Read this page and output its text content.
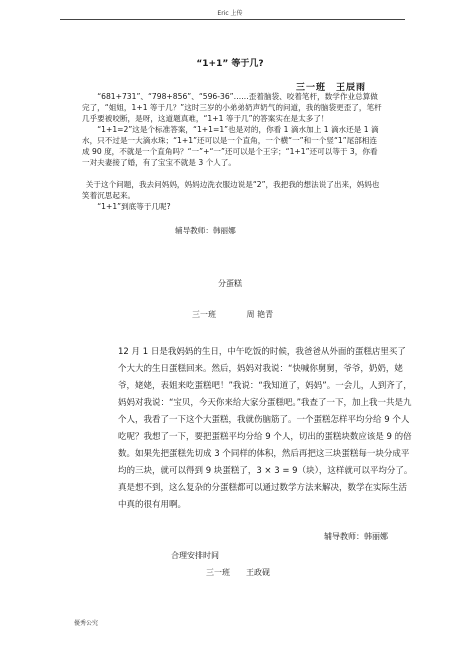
Eric 上传
“1+1” 等于几?
三一班　王辰雨

“681+731”、“798+856”、“596-36”……歪着脑袋、咬着笔杆，数学作业总算做完了，“姐姐，1+1 等于几？”这时三岁的小弟弟奶声奶气的问道，我的脑袋更歪了，笔杆几乎要被咬断，是呀，这道题真难，“1+1 等于几”的答案实在是太多了！

“1+1=2”这是个标准答案，“1+1=1”也是对的，你看 1 滴水加上 1 滴水还是 1 滴水，只不过是一大滴水珠；“1+1”还可以是一个直角，一个横“一”和一个竖“1”尾部相连成 90 度，不就是一个直角吗？“一”+“一”还可以是个王字；“1+1”还可以等于 3，你看一对夫妻接了婚，有了宝宝不就是 3 个人了。

关于这个问题，我去问妈妈，妈妈边洗衣服边说是“2”，我把我的想法说了出来，妈妈也笑着沉思起来。

“1+1”到底等于几呢?

辅导教师：韩丽娜
分蛋糕
三一班	周 艳青

12 月 1 日是我妈妈的生日，中午吃饭的时候，我爸爸从外面的蛋糕店里买了个大大的生日蛋糕回来。然后，妈妈对我说：“快喊你舅舅，爷爷，奶奶，姥爷，姥姥，表姐来吃蛋糕吧！”我说：“我知道了，妈妈”。一会儿，人到齐了，妈妈对我说：“宝贝，今天你来给大家分蛋糕吧。”我查了一下，加上我一共是九个人，我看了一下这个大蛋糕，我就伤脑筋了。一个蛋糕怎样平均分给 9 个人吃呢？我想了一下，要把蛋糕平均分给 9 个人，切出的蛋糕块数应该是 9 的倍数。如果先把蛋糕先切成 3 个同样的体积，然后再把这三块蛋糕每一块分成平均的三块，就可以得到 9 块蛋糕了，3 × 3 = 9（块），这样就可以平均分了。真是想不到，这么复杂的分蛋糕都可以通过数学方法来解决，数学在实际生活中真的很有用啊。

辅导教师：韩丽娜
合理安排时间
三一班　　王政砚
優秀公究
